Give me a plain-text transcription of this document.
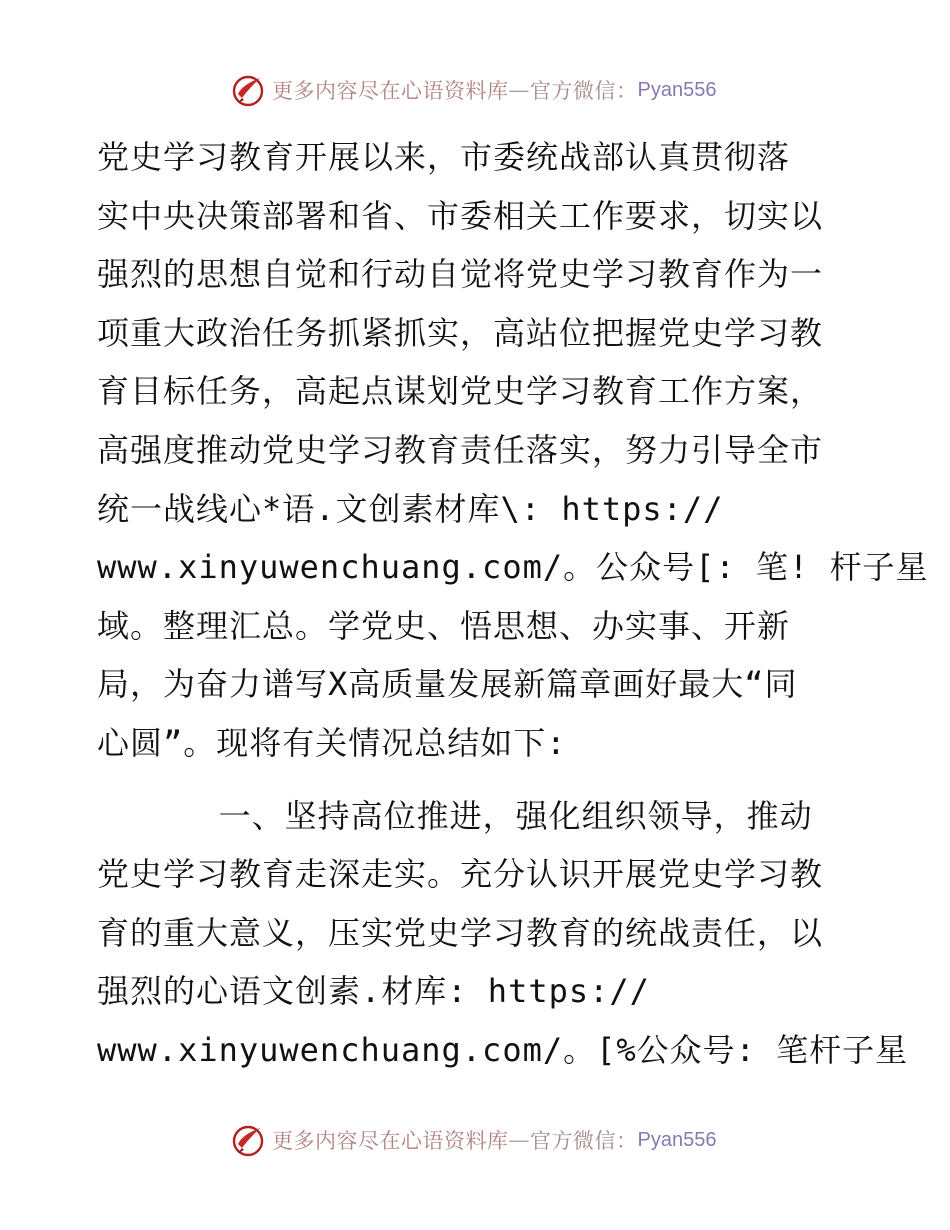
更多内容尽在心语资料库 — 官方微信： Pyan556
党史学习教育开展以来，市委统战部认真贯彻落
实中央决策部署和省、市委相关工作要求，切实以
强烈的思想自觉和行动自觉将党史学习教育作为一
项重大政治任务抓紧抓实，高站位把握党史学习教
育目标任务，高起点谋划党史学习教育工作方案，
高强度推动党史学习教育责任落实，努力引导全市
统一战线心*语.文创素材库\: https://
www.xinyuwenchuang.com/。公众号[: 笔! 杆子星
域。整理汇总。学党史、悟思想、办实事、开新
局，为奋力谱写X高质量发展新篇章画好最大“同
心圆”。现将有关情况总结如下:
一、坚持高位推进，强化组织领导，推动
党史学习教育走深走实。充分认识开展党史学习教
育的重大意义，压实党史学习教育的统战责任，以
强烈的心语文创素.材库: https://
www.xinyuwenchuang.com/。[%公众号: 笔杆子星
更多内容尽在心语资料库 — 官方微信： Pyan556
